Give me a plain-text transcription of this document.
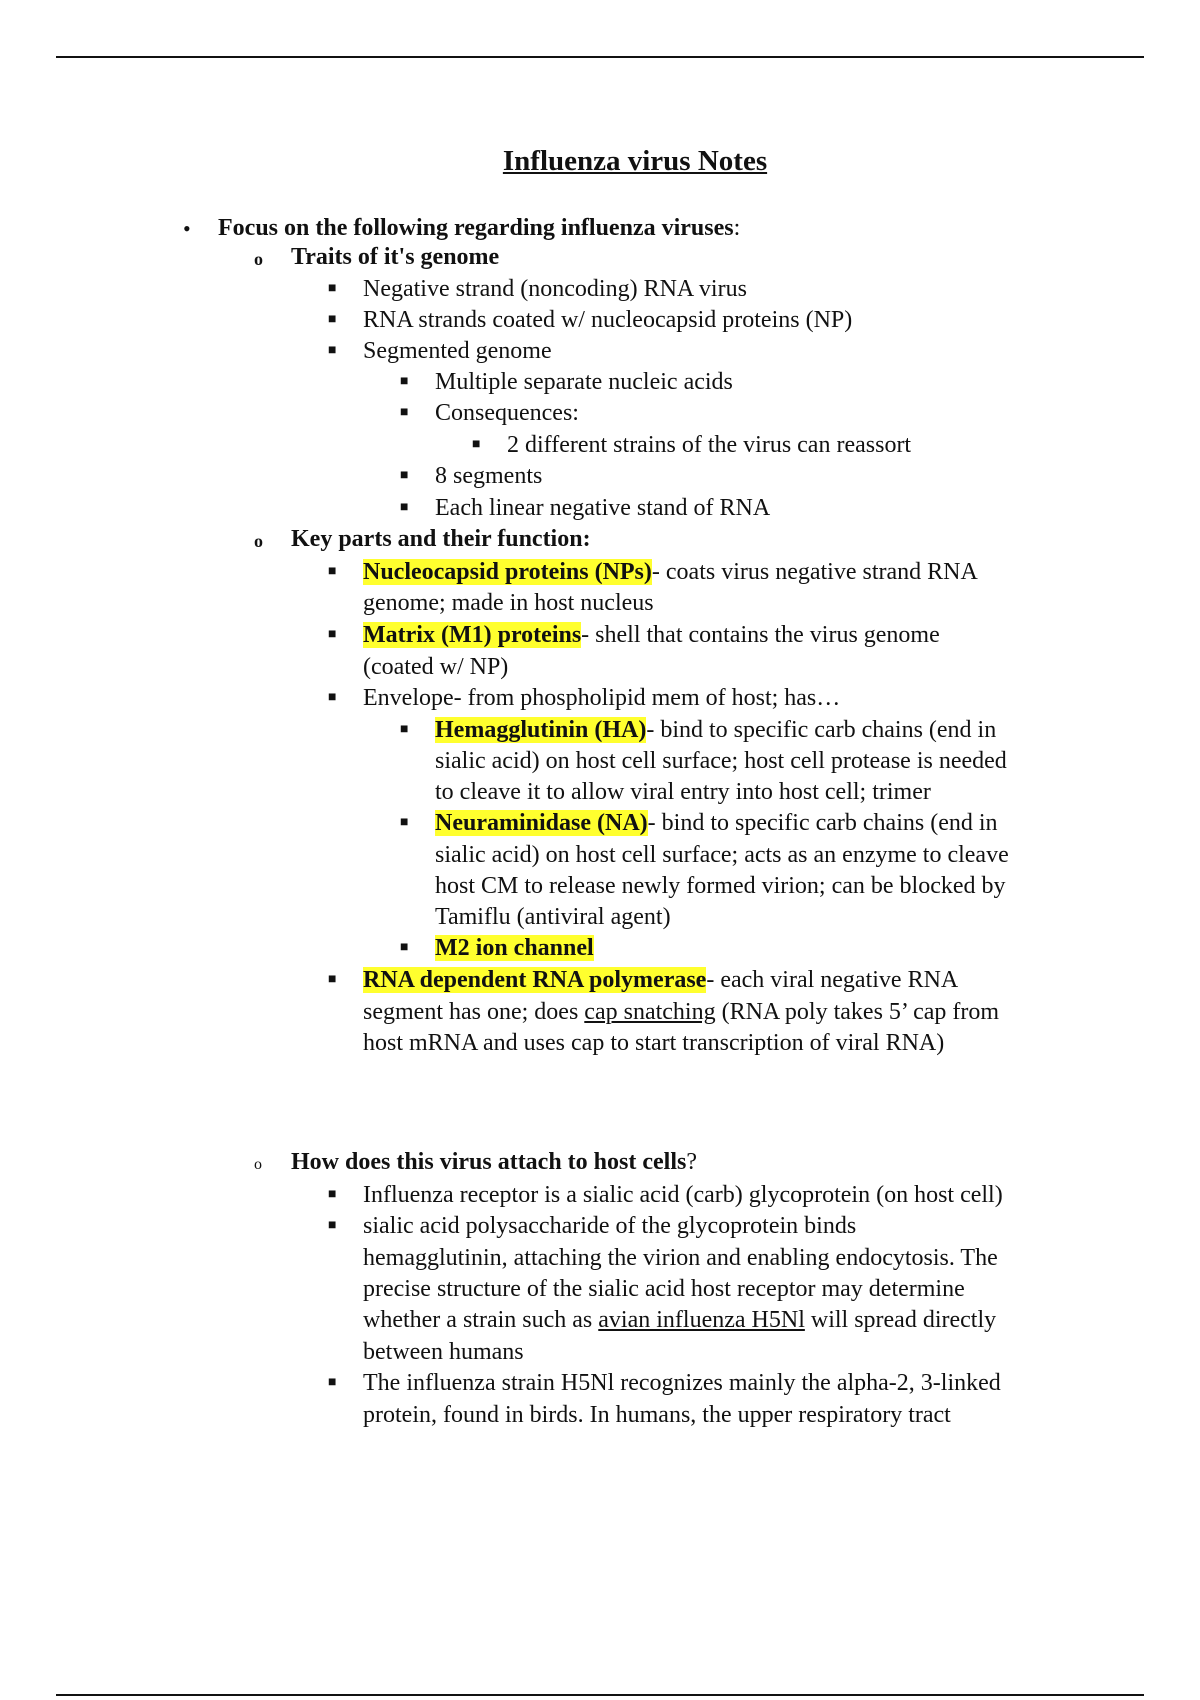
Influenza virus Notes
• Focus on the following regarding influenza viruses:
o Traits of it's genome
■ Negative strand (noncoding) RNA virus
■ RNA strands coated w/ nucleocapsid proteins (NP)
■ Segmented genome
■ Multiple separate nucleic acids
■ Consequences:
■ 2 different strains of the virus can reassort
■ 8 segments
■ Each linear negative stand of RNA
o Key parts and their function:
■ Nucleocapsid proteins (NPs)- coats virus negative strand RNA
genome; made in host nucleus
■ Matrix (M1) proteins- shell that contains the virus genome
(coated w/ NP)
■ Envelope- from phospholipid mem of host; has…
■ Hemagglutinin (HA)- bind to specific carb chains (end in
sialic acid) on host cell surface; host cell protease is needed
to cleave it to allow viral entry into host cell; trimer
■ Neuraminidase (NA)- bind to specific carb chains (end in
sialic acid) on host cell surface; acts as an enzyme to cleave
host CM to release newly formed virion; can be blocked by
Tamiflu (antiviral agent)
■ M2 ion channel
■ RNA dependent RNA polymerase- each viral negative RNA
segment has one; does cap snatching (RNA poly takes 5’ cap from
host mRNA and uses cap to start transcription of viral RNA)
o How does this virus attach to host cells?
■ Influenza receptor is a sialic acid (carb) glycoprotein (on host cell)
■ sialic acid polysaccharide of the glycoprotein binds
hemagglutinin, attaching the virion and enabling endocytosis. The
precise structure of the sialic acid host receptor may determine
whether a strain such as avian influenza H5Nl will spread directly
between humans
■ The influenza strain H5Nl recognizes mainly the alpha-2, 3-linked
protein, found in birds. In humans, the upper respiratory tract
